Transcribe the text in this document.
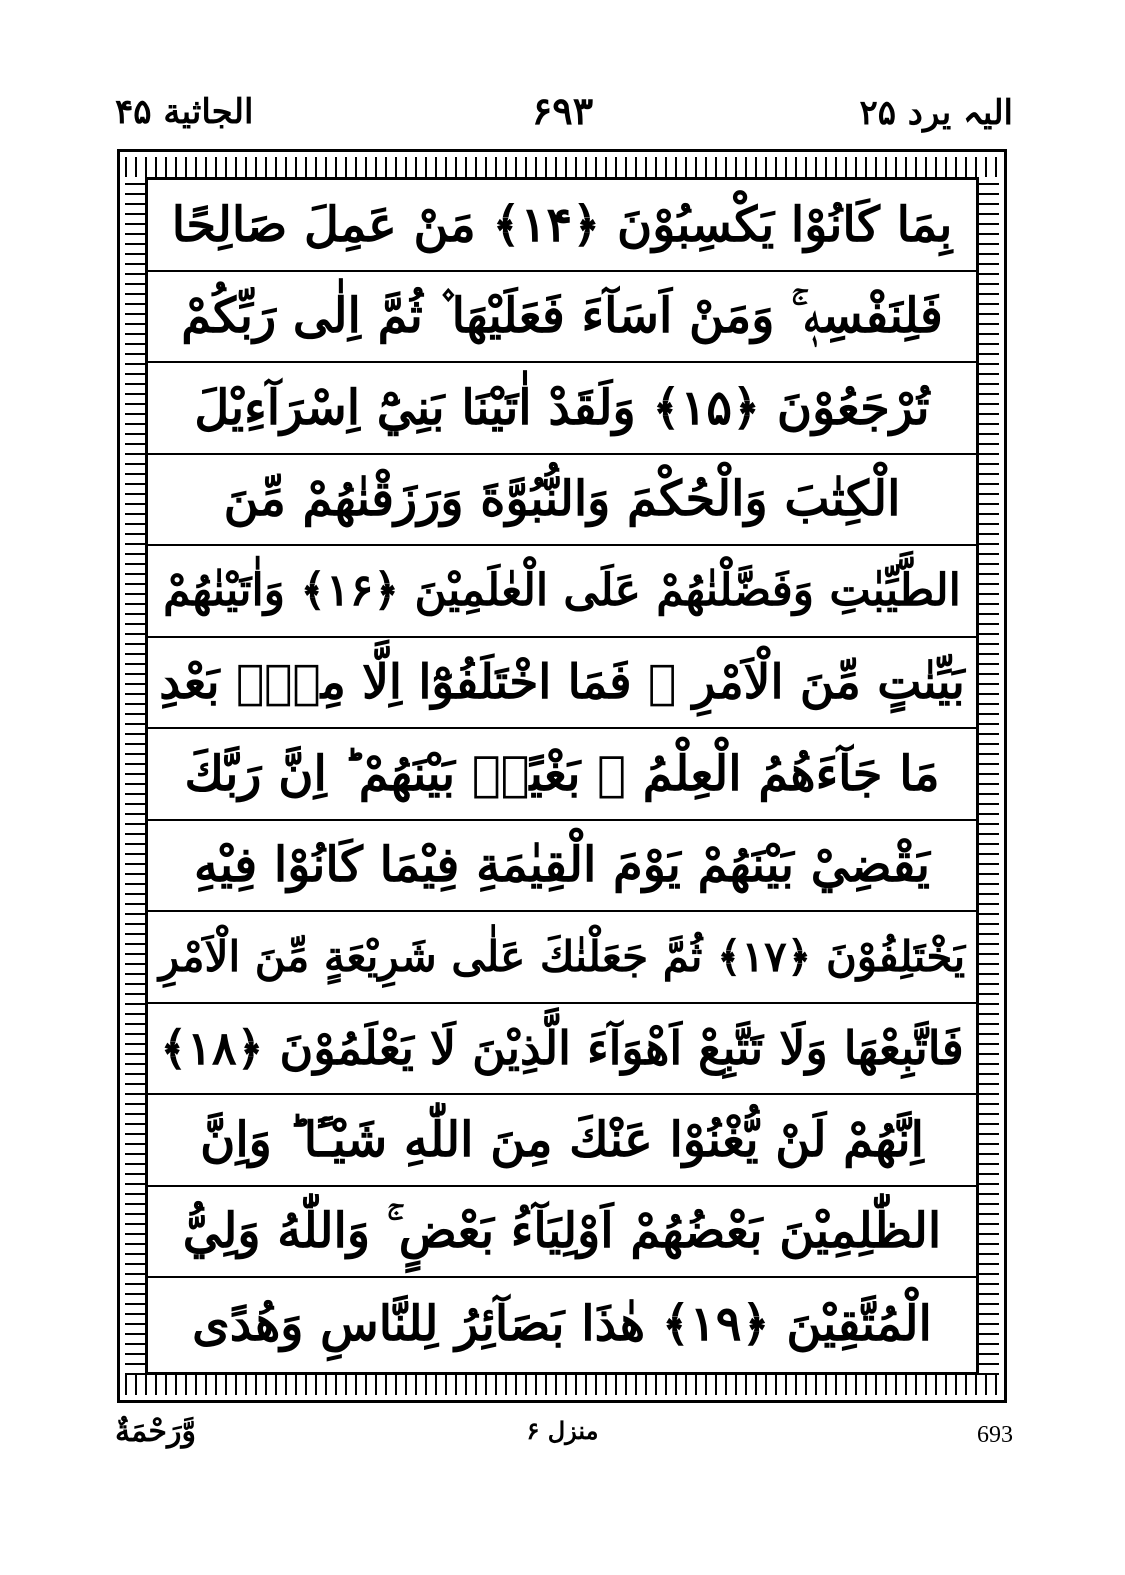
الجاثية ۴۵	۶۹۳	الیہ یرد ۲۵
بِمَا كَانُوْا يَكْسِبُوْنَ ﴿۱۴﴾ مَنْ عَمِلَ صَالِحًا
فَلِنَفْسِهٖ ۚ وَمَنْ اَسَآءَ فَعَلَيْهَا ۫ ثُمَّ اِلٰى رَبِّكُمْ
تُرْجَعُوْنَ ﴿۱۵﴾ وَلَقَدْ اٰتَيْنَا بَنِيْٓ اِسْرَآءِيْلَ
الْكِتٰبَ وَالْحُكْمَ وَالنُّبُوَّةَ وَرَزَقْنٰهُمْ مِّنَ
الطَّيِّبٰتِ وَفَضَّلْنٰهُمْ عَلَى الْعٰلَمِيْنَ ﴿۱۶﴾ وَاٰتَيْنٰهُمْ
بَيِّنٰتٍ مِّنَ الْاَمْرِ ۚ فَمَا اخْتَلَفُوْٓا اِلَّا مِنْۢ بَعْدِ
مَا جَآءَهُمُ الْعِلْمُ ۙ بَغْيًاۢ بَيْنَهُمْ ؕ اِنَّ رَبَّكَ
يَقْضِيْ بَيْنَهُمْ يَوْمَ الْقِيٰمَةِ فِيْمَا كَانُوْا فِيْهِ
يَخْتَلِفُوْنَ ﴿۱۷﴾ ثُمَّ جَعَلْنٰكَ عَلٰى شَرِيْعَةٍ مِّنَ الْاَمْرِ
فَاتَّبِعْهَا وَلَا تَتَّبِعْ اَهْوَآءَ الَّذِيْنَ لَا يَعْلَمُوْنَ ﴿۱۸﴾
اِنَّهُمْ لَنْ يُّغْنُوْا عَنْكَ مِنَ اللّٰهِ شَيْـًٔا ؕ وَاِنَّ
الظّٰلِمِيْنَ بَعْضُهُمْ اَوْلِيَآءُ بَعْضٍ ۚ وَاللّٰهُ وَلِيُّ
الْمُتَّقِيْنَ ﴿۱۹﴾ هٰذَا بَصَآئِرُ لِلنَّاسِ وَهُدًى
وَّرَحْمَةٌ	منزل ۶	693
